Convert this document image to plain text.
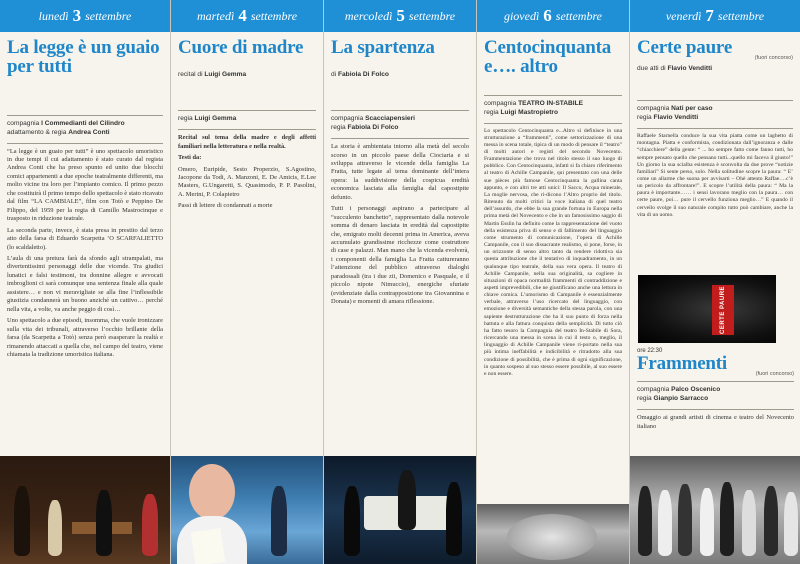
lunedì 3 settembre
La legge è un guaio per tutti
compagnia I Commedianti del Cilindro
adattamento & regia Andrea Conti

“La legge è un guaio per tutti” è uno spettacolo umoristico in due tempi il cui adattamento è stato curato dal regista Andrea Conti che ha preso spunto ed unito due blocchi comici appartenenti a due epoche teatralmente differenti, ma molto vicine tra loro per l’impianto comico. Il primo pezzo che costituirà il primo tempo dello spettacolo è stato ricavato dal film “LA CAMBIALE”, film con Totò e Peppino De Filippo, del 1959 per la regia di Camillo Mastrocinque e trasposto in riduzione teatrale.

La seconda parte, invece, è stata presa in prestito dal terzo atto della farsa di Eduardo Scarpetta ‘O SCARFALIETTO (lo scaldaletto).

L’aula di una pretura farà da sfondo agli strampalati, ma divertentissimi personaggi delle due vicende. Tra giudici lunatici e falsi testimoni, tra donnine allegre e avvocati imbroglioni ci sarà comunque una sentenza finale alla quale assistere… e non vi meravigliate se alla fine l’inflessibile giustizia condannerà un buono anziché un cattivo… perché nella vita, a volte, va anche peggio di così…

Uno spettacolo a due episodi, insomma, che vuole ironizzare sulla vita dei tribunali, attraverso l’occhio brillante della farsa (da Scarpetta a Totò) senza però esasperare la realtà e rimanendo attaccati a quella che, nel campo del teatro, viene chiamata la tradizione umoristica italiana.

martedì 4 settembre
Cuore di madre
recital di Luigi Gemma
regia Luigi Gemma

Recital sul tema della madre e degli affetti familiari nella letteratura e nella realtà.

Testi da:

Omero, Euripide, Sesto Properzio, S.Agostino, Jacopone da Todi, A. Manzoni, E. De Amicis, E.Lee Masters, G.Ungaretti, S. Quasimodo, P. P. Pasolini, A. Merini, P. Colapietro

Passi di lettere di condannati a morte

mercoledì 5 settembre
La spartenza
di Fabiola Di Folco
compagnia Scacciapensieri
regia Fabiola Di Folco

La storia è ambientata intorno alla metà del secolo scorso in un piccolo paese della Ciociaria e si sviluppa attraverso le vicende della famiglia La Fratta, tutte legate al tema dominante dell’intera opera: la suddivisione della cospicua eredità economica lasciata alla famiglia dal capostipite defunto.

Tutti i personaggi aspirano a partecipare al “succulento banchetto”, rappresentato dalla notevole somma di denaro lasciata in eredità dal capostipite che, emigrato molti decenni prima in America, aveva accumulato grandissime ricchezze come costruttore di case e palazzi. Man mano che la vicenda evolverà, i componenti della famiglia La Fratta cattureranno l’attenzione del pubblico attraverso dialoghi paradossali (tra i due zii, Domenico e Pasquale, e il piccolo nipote Nimuccio), energiche sfuriate (evidenziate dalla contrapposizione tra Giovannina e Donata) e momenti di amara riflessione.

giovedì 6 settembre
Centocinquanta e…. altro
compagnia TEATRO IN-STABILE
regia Luigi Mastropietro

Lo spettacolo Centocinquanta e...Altro si definisce in una strutturazione a “frammenti”, come settorizzazione di una messa in scena totale, tipica di un modo di pensare il “teatro” di molti autori e registi del secondo Novecento. Frammentazione che trova nel titolo stesso il suo luogo di pubblico. Con Centocinquanta, infatti si fa chiaro riferimento al teatro di Achille Campanile, qui presentato con una delle sue pièces più famose Centocinquanta la gallina canta appunto, e con altri tre atti unici: Il Sacco, Acqua minerale, La moglie nervosa, che ri-dicono l’Altro proprio del titolo. Ritenuto da molti critici la voce italiana di quel teatro dell’assurdo, che ebbe la sua grande fortuna in Europa nella prima metà del Novecento e che in un famosissimo saggio di Martin Esslin ha definito come la rappresentazione del vuoto della esistenza priva di senso e di fallimento del linguaggio come strumento di comunicazione, l’opera di Achille Campanile, con il suo dissacrante realismo, si pone, forse, in un orizzonte di senso altro tanto da rendere ridottiva sia questa attribuzione che il tentativo di inquadramento, in un qualunque tipo teatrale, della sua vera opera. Il teatro di Achille Campanile, nella sua originalità, sa cogliere in situazioni di opaca normalità frammenti di contraddizione e aspetti imprevedibili, che ne giustificano anche una lettura in chiave comica. L’umorismo di Campanile è essenzialmente verbale, attraverso l’uso ricercato del linguaggio, con emozione e diversità semantiche della stessa parola, con una sapiente destrutturazione che ha il suo punto di forza nella battuta e alla fattura conquista della semplicità. Di tutto ciò ha fatto tesoro la Compagnia del teatro In-Stabile di Sora, ricercando una messa in scena in cui il testo o, meglio, il linguaggio di Achille Campanile viene ri-portato nella sua più intima ineffabilità e indicibilità e ritradotto alla sua condizione di possibilità, che è prima di ogni significazione, in quanto sospeso al suo stesso essere possibile, al suo essere e non essere.

venerdì 7 settembre
Certe paure
(fuori concorso)
due atti di Flavio Venditti
compagnia Nati per caso
regia Flavio Venditti

Raffaele Starnella conduce la sua vita piatta come un laghetto di montagna. Piatta e conformista, condizionata dall’ignoranza e dalle “chiacchiere” della gente: “ ... ho sempre fatto come fanno tutti, ho sempre pensato quello che pensano tutti...quello mi faceva il giusto!” Un giorno la sua scialba esistenza è sconvolta da due prove “notizie familiari” Si sente perso, solo. Nella solitudine scopre la paura: “ E’ come un allarme che suona per avvisarti – Ohè attento Raffae….c’è un pericolo da affrontare!”. E scopre l’utilità della paura: “ Ma la paura è importante…… i sensi lavorano meglio con la paura… con certe paure, poi… pure il cervello funziona meglio…” E quando il cervello svolge il suo naturale compito tutto può cambiare, anche la vita di un uomo.

CERTE PAURE
ore 22:30
Frammenti
(fuori concorso)
compagnia Palco Oscenico
regia Gianpio Sarracco
Omaggio ai grandi artisti di cinema e teatro del Novecento italiano
